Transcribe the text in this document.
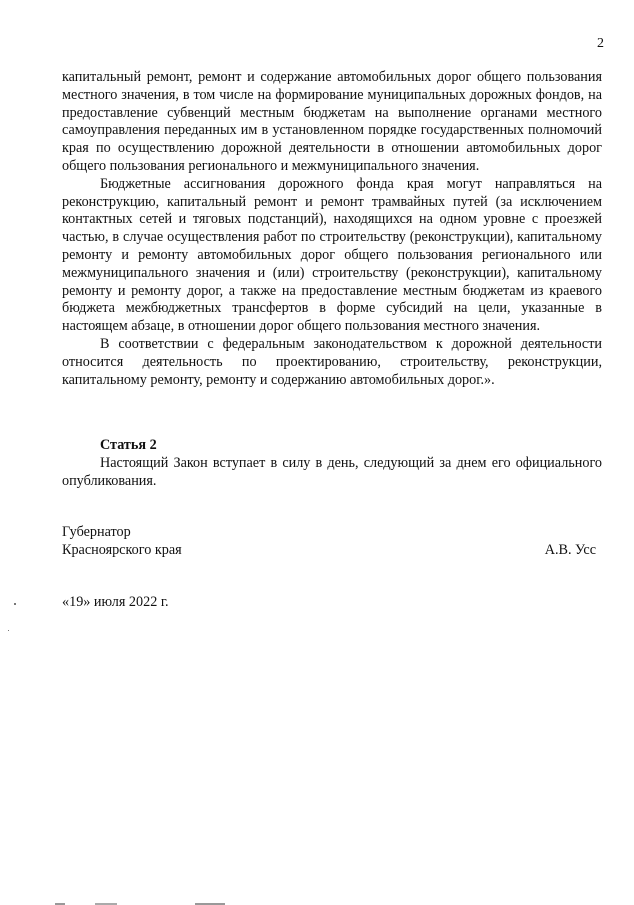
2

капитальный ремонт, ремонт и содержание автомобильных дорог общего пользования местного значения, в том числе на формирование муниципальных дорожных фондов, на предоставление субвенций местным бюджетам на выполнение органами местного самоуправления переданных им в установленном порядке государственных полномочий края по осуществлению дорожной деятельности в отношении автомобильных дорог общего пользования регионального и межмуниципального значения.

Бюджетные ассигнования дорожного фонда края могут направляться на реконструкцию, капитальный ремонт и ремонт трамвайных путей (за исключением контактных сетей и тяговых подстанций), находящихся на одном уровне с проезжей частью, в случае осуществления работ по строительству (реконструкции), капитальному ремонту и ремонту автомобильных дорог общего пользования регионального или межмуниципального значения и (или) строительству (реконструкции), капитальному ремонту и ремонту дорог, а также на предоставление местным бюджетам из краевого бюджета межбюджетных трансфертов в форме субсидий на цели, указанные в настоящем абзаце, в отношении дорог общего пользования местного значения.

В соответствии с федеральным законодательством к дорожной деятельности относится деятельность по проектированию, строительству, реконструкции, капитальному ремонту, ремонту и содержанию автомобильных дорог.».

Статья 2
Настоящий Закон вступает в силу в день, следующий за днем его официального опубликования.
Губернатор
Красноярского края	А.В. Усс
«19» июля 2022 г.
